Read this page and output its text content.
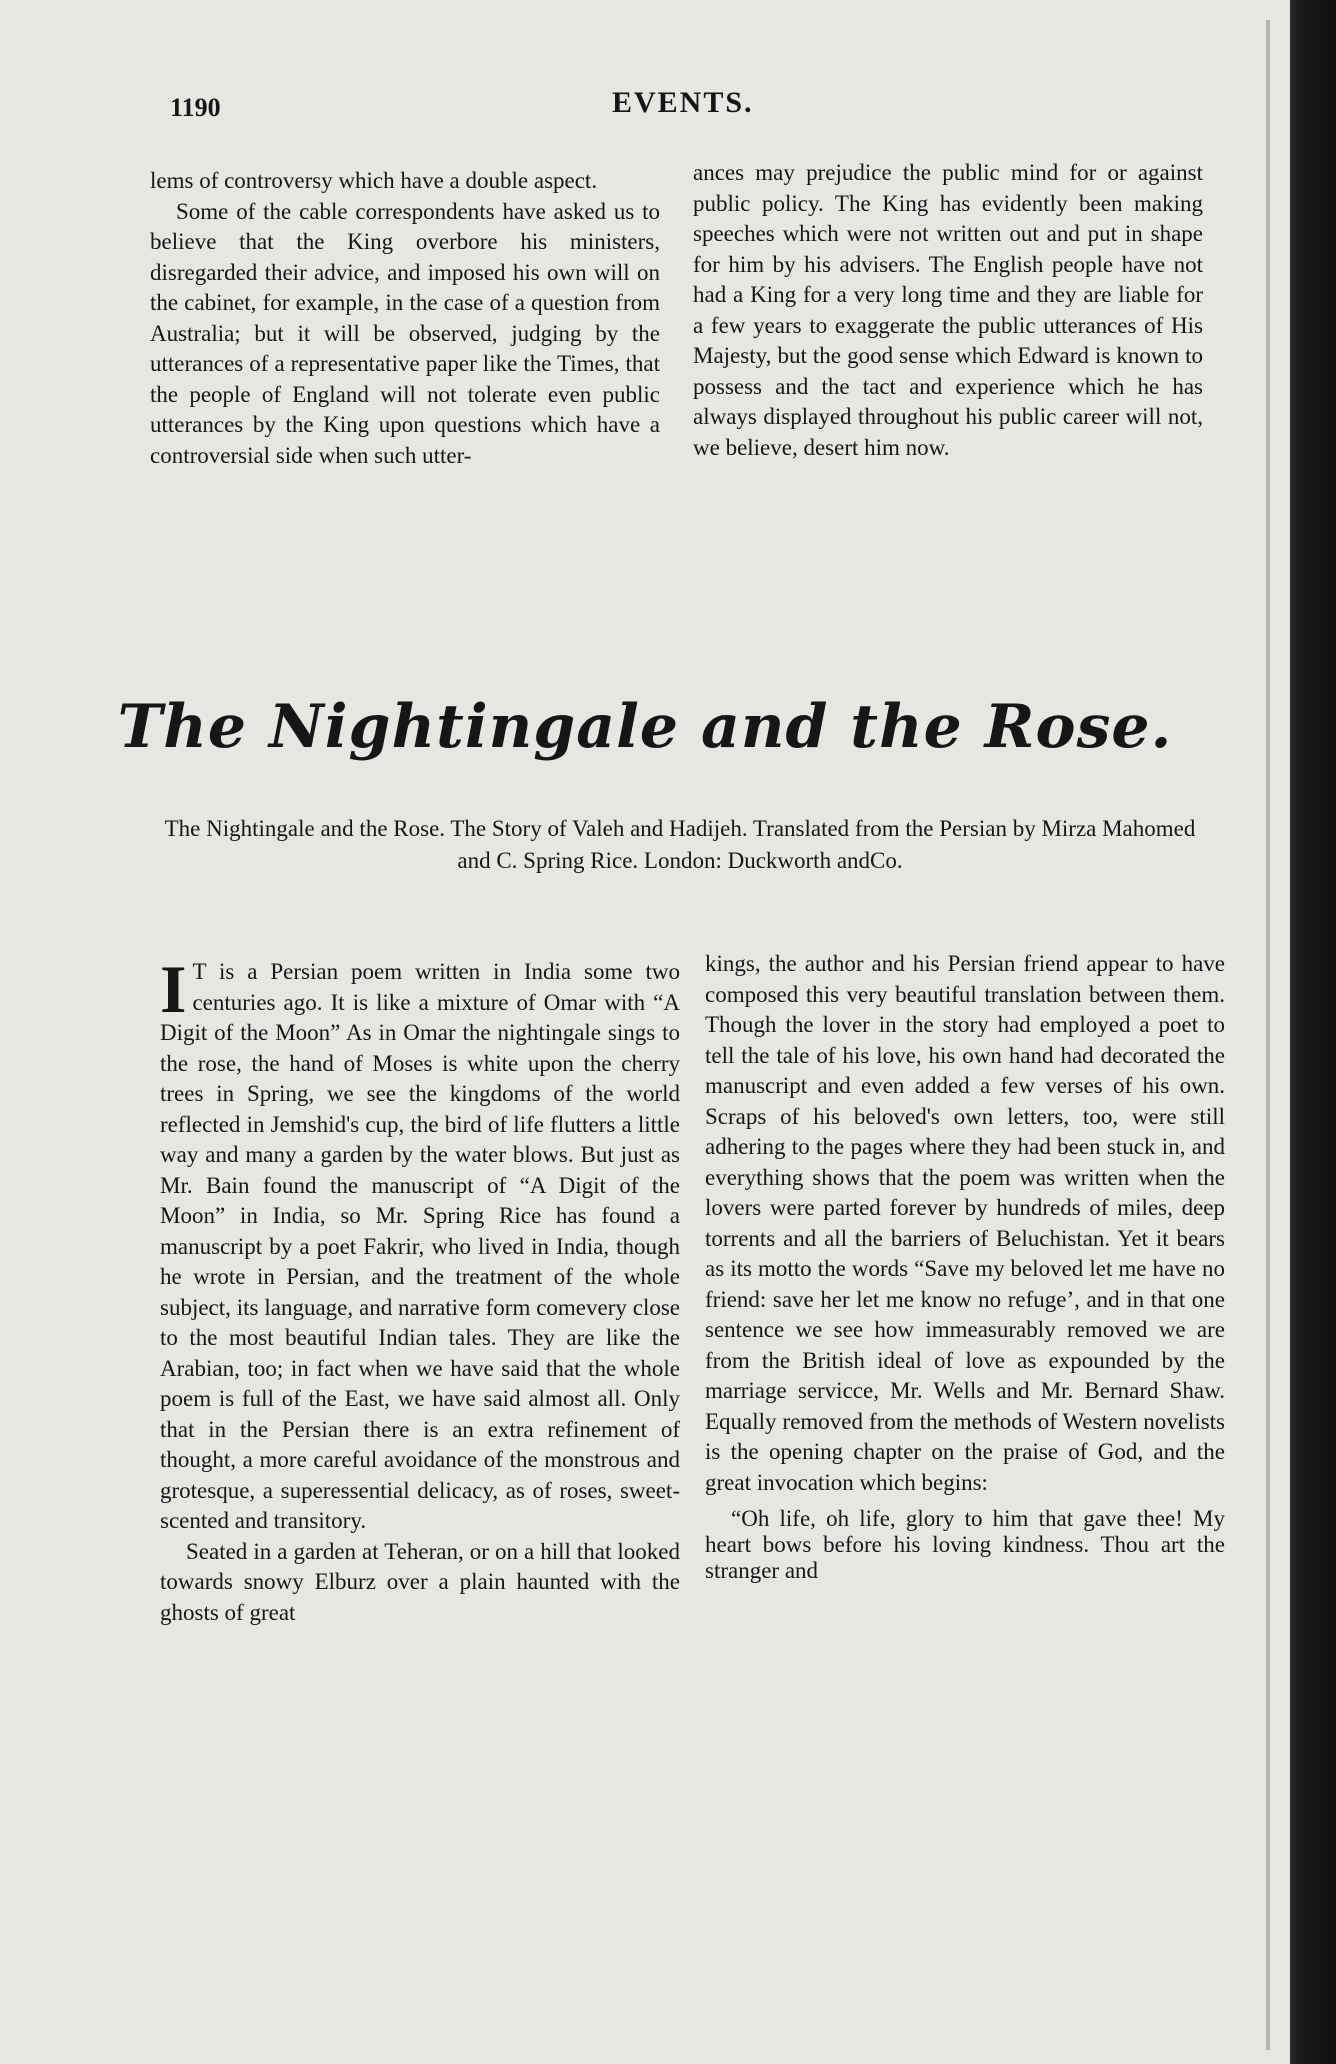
1190	EVENTS.

lems of controversy which have a double aspect.

Some of the cable correspondents have asked us to believe that the King overbore his ministers, disregarded their advice, and imposed his own will on the cabinet, for example, in the case of a question from Australia; but it will be observed, judging by the utterances of a representative paper like the Times, that the people of England will not tolerate even public utterances by the King upon questions which have a controversial side when such utter-

ances may prejudice the public mind for or against public policy. The King has evidently been making speeches which were not written out and put in shape for him by his advisers. The English people have not had a King for a very long time and they are liable for a few years to exaggerate the public utterances of His Majesty, but the good sense which Edward is known to possess and the tact and experience which he has always displayed throughout his public career will not, we believe, desert him now.

The Nightingale and the Rose.
The Nightingale and the Rose. The Story of Valeh and Hadijeh. Translated from the Persian by Mirza Mahomed and C. Spring Rice. London: Duckworth andCo.

I T is a Persian poem written in India some two centuries ago. It is like a mixture of Omar with “A Digit of the Moon” As in Omar the nightingale sings to the rose, the hand of Moses is white upon the cherry trees in Spring, we see the kingdoms of the world reflected in Jemshid's cup, the bird of life flutters a little way and many a garden by the water blows. But just as Mr. Bain found the manuscript of “A Digit of the Moon” in India, so Mr. Spring Rice has found a manuscript by a poet Fakrir, who lived in India, though he wrote in Persian, and the treatment of the whole subject, its language, and narrative form comevery close to the most beautiful Indian tales. They are like the Arabian, too; in fact when we have said that the whole poem is full of the East, we have said almost all. Only that in the Persian there is an extra refinement of thought, a more careful avoidance of the monstrous and grotesque, a superessential delicacy, as of roses, sweet-scented and transitory.

Seated in a garden at Teheran, or on a hill that looked towards snowy Elburz over a plain haunted with the ghosts of great

kings, the author and his Persian friend appear to have composed this very beautiful translation between them. Though the lover in the story had employed a poet to tell the tale of his love, his own hand had decorated the manuscript and even added a few verses of his own. Scraps of his beloved's own letters, too, were still adhering to the pages where they had been stuck in, and everything shows that the poem was written when the lovers were parted forever by hundreds of miles, deep torrents and all the barriers of Beluchistan. Yet it bears as its motto the words “Save my beloved let me have no friend: save her let me know no refuge’, and in that one sentence we see how immeasurably removed we are from the British ideal of love as expounded by the marriage servicce, Mr. Wells and Mr. Bernard Shaw. Equally removed from the methods of Western novelists is the opening chapter on the praise of God, and the great invocation which begins:

“Oh life, oh life, glory to him that gave thee! My heart bows before his loving kindness. Thou art the stranger and
